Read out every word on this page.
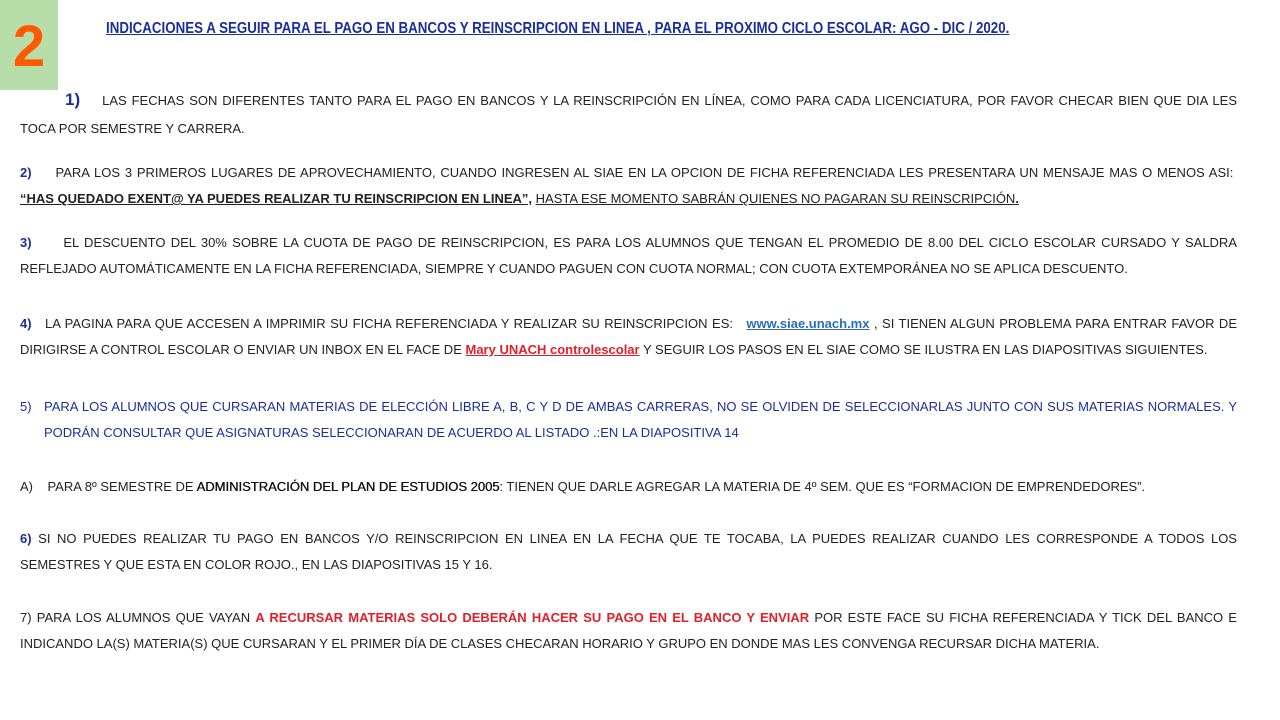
2	INDICACIONES A SEGUIR PARA EL PAGO EN BANCOS Y REINSCRIPCION EN LINEA , PARA EL PROXIMO CICLO ESCOLAR: AGO - DIC / 2020.
1) LAS FECHAS SON DIFERENTES TANTO PARA EL PAGO EN BANCOS Y LA REINSCRIPCIÓN EN LÍNEA, COMO PARA CADA LICENCIATURA, POR FAVOR CHECAR BIEN QUE DIA LES TOCA POR SEMESTRE Y CARRERA.
2) PARA LOS 3 PRIMEROS LUGARES DE APROVECHAMIENTO, CUANDO INGRESEN AL SIAE EN LA OPCION DE FICHA REFERENCIADA LES PRESENTARA UN MENSAJE MAS O MENOS ASI:  “HAS QUEDADO EXENT@ YA PUEDES REALIZAR TU REINSCRIPCION EN LINEA”, HASTA ESE MOMENTO SABRÁN QUIENES NO PAGARAN SU REINSCRIPCIÓN.
3) EL DESCUENTO DEL 30% SOBRE LA CUOTA DE PAGO DE REINSCRIPCION, ES PARA LOS ALUMNOS QUE TENGAN EL PROMEDIO DE 8.00 DEL CICLO ESCOLAR CURSADO Y SALDRA REFLEJADO AUTOMÁTICAMENTE EN LA FICHA REFERENCIADA, SIEMPRE Y CUANDO PAGUEN CON CUOTA NORMAL; CON CUOTA EXTEMPORÁNEA NO SE APLICA DESCUENTO.
4) LA PAGINA PARA QUE ACCESEN A IMPRIMIR SU FICHA REFERENCIADA Y REALIZAR SU REINSCRIPCION ES: www.siae.unach.mx , SI TIENEN ALGUN PROBLEMA PARA ENTRAR FAVOR DE DIRIGIRSE A CONTROL ESCOLAR O ENVIAR UN INBOX EN EL FACE DE Mary UNACH controlescolar Y SEGUIR LOS PASOS EN EL SIAE COMO SE ILUSTRA EN LAS DIAPOSITIVAS SIGUIENTES.
5) PARA LOS ALUMNOS QUE CURSARAN MATERIAS DE ELECCIÓN LIBRE A, B, C Y D DE AMBAS CARRERAS, NO SE OLVIDEN DE SELECCIONARLAS JUNTO CON SUS MATERIAS NORMALES. Y PODRÁN CONSULTAR QUE ASIGNATURAS SELECCIONARAN DE ACUERDO AL LISTADO .:EN LA DIAPOSITIVA 14
A) PARA 8º SEMESTRE DE ADMINISTRACIÓN DEL PLAN DE ESTUDIOS 2005: TIENEN QUE DARLE AGREGAR LA MATERIA DE 4º SEM. QUE ES “FORMACION DE EMPRENDEDORES”.
6) SI NO PUEDES REALIZAR TU PAGO EN BANCOS Y/O REINSCRIPCION EN LINEA EN LA FECHA QUE TE TOCABA, LA PUEDES REALIZAR CUANDO LES CORRESPONDE A TODOS LOS SEMESTRES Y QUE ESTA EN COLOR ROJO., EN LAS DIAPOSITIVAS 15 Y 16.
7) PARA LOS ALUMNOS QUE VAYAN A RECURSAR MATERIAS SOLO DEBERÁN HACER SU PAGO EN EL BANCO Y ENVIAR POR ESTE FACE SU FICHA REFERENCIADA Y TICK DEL BANCO E INDICANDO LA(S) MATERIA(S) QUE CURSARAN Y EL PRIMER DÍA DE CLASES CHECARAN HORARIO Y GRUPO EN DONDE MAS LES CONVENGA RECURSAR DICHA MATERIA.
